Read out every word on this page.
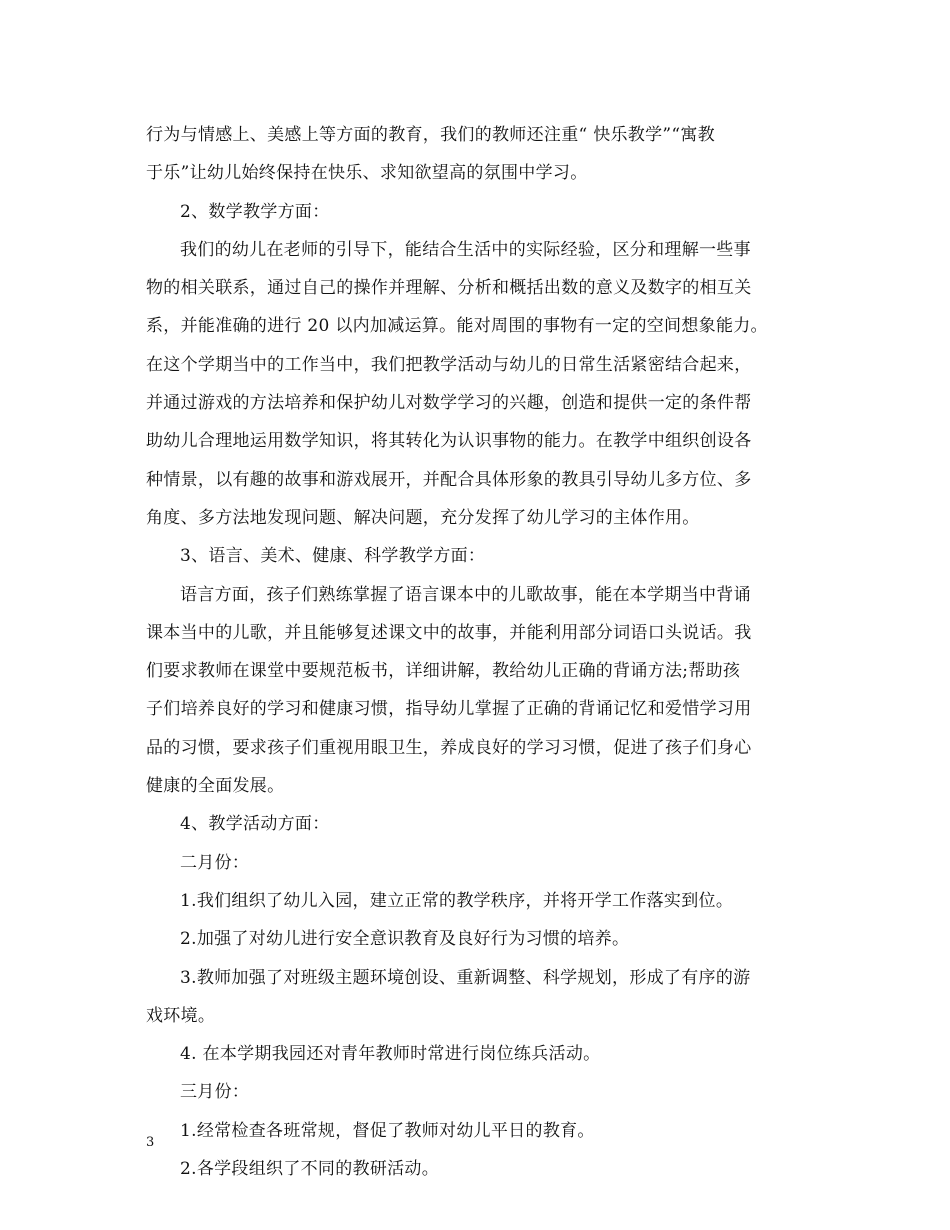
行为与情感上、美感上等方面的教育，我们的教师还注重“ 快乐教学”“寓教
于乐”让幼儿始终保持在快乐、求知欲望高的氛围中学习。
2、数学教学方面：
我们的幼儿在老师的引导下，能结合生活中的实际经验，区分和理解一些事
物的相关联系，通过自己的操作并理解、分析和概括出数的意义及数字的相互关
系，并能准确的进行 20 以内加减运算。能对周围的事物有一定的空间想象能力。
在这个学期当中的工作当中，我们把教学活动与幼儿的日常生活紧密结合起来，
并通过游戏的方法培养和保护幼儿对数学学习的兴趣，创造和提供一定的条件帮
助幼儿合理地运用数学知识，将其转化为认识事物的能力。在教学中组织创设各
种情景，以有趣的故事和游戏展开，并配合具体形象的教具引导幼儿多方位、多
角度、多方法地发现问题、解决问题，充分发挥了幼儿学习的主体作用。
3、语言、美术、健康、科学教学方面：
语言方面，孩子们熟练掌握了语言课本中的儿歌故事，能在本学期当中背诵
课本当中的儿歌，并且能够复述课文中的故事，并能利用部分词语口头说话。我
们要求教师在课堂中要规范板书，详细讲解，教给幼儿正确的背诵方法;帮助孩
子们培养良好的学习和健康习惯，指导幼儿掌握了正确的背诵记忆和爱惜学习用
品的习惯，要求孩子们重视用眼卫生，养成良好的学习习惯，促进了孩子们身心
健康的全面发展。
4、教学活动方面：
二月份：
1.我们组织了幼儿入园，建立正常的教学秩序，并将开学工作落实到位。
2.加强了对幼儿进行安全意识教育及良好行为习惯的培养。
3.教师加强了对班级主题环境创设、重新调整、科学规划，形成了有序的游
戏环境。
4. 在本学期我园还对青年教师时常进行岗位练兵活动。
三月份：
1.经常检查各班常规，督促了教师对幼儿平日的教育。
2.各学段组织了不同的教研活动。
3
